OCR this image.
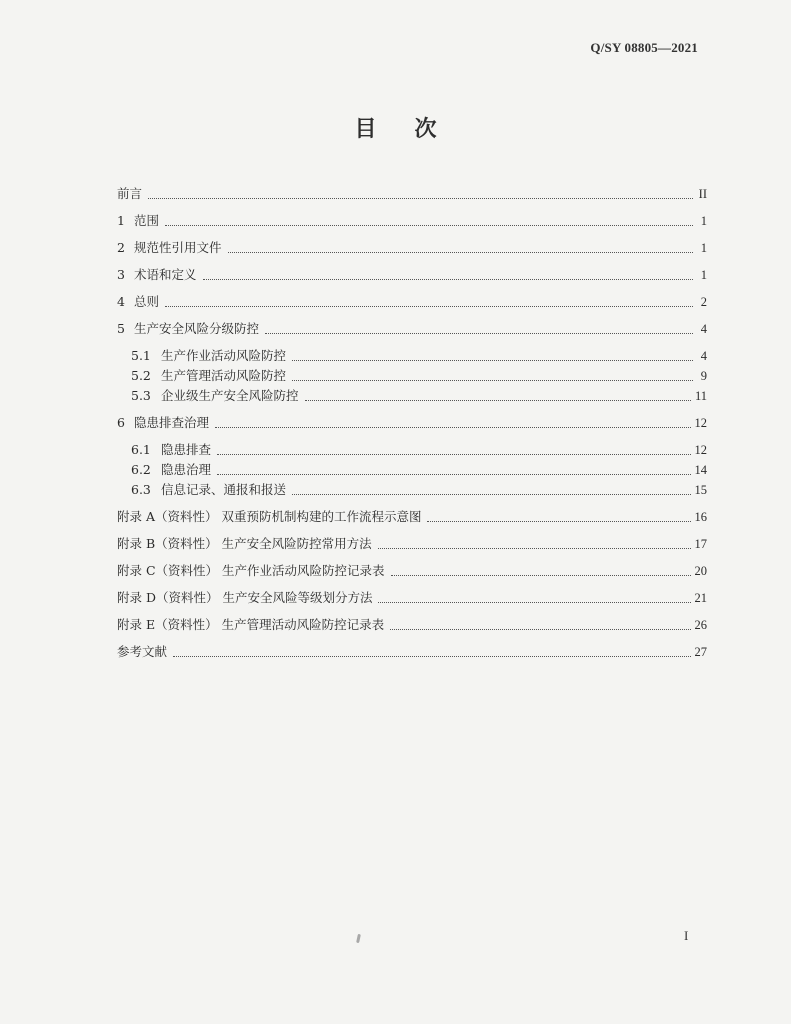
Q/SY 08805—2021
目 次
前言	II
1 范围	1
2 规范性引用文件	1
3 术语和定义	1
4 总则	2
5 生产安全风险分级防控	4
5.1 生产作业活动风险防控	4
5.2 生产管理活动风险防控	9
5.3 企业级生产安全风险防控	11
6 隐患排查治理	12
6.1 隐患排查	12
6.2 隐患治理	14
6.3 信息记录、通报和报送	15
附录 A（资料性） 双重预防机制构建的工作流程示意图	16
附录 B（资料性） 生产安全风险防控常用方法	17
附录 C（资料性） 生产作业活动风险防控记录表	20
附录 D（资料性） 生产安全风险等级划分方法	21
附录 E（资料性） 生产管理活动风险防控记录表	26
参考文献	27
I
